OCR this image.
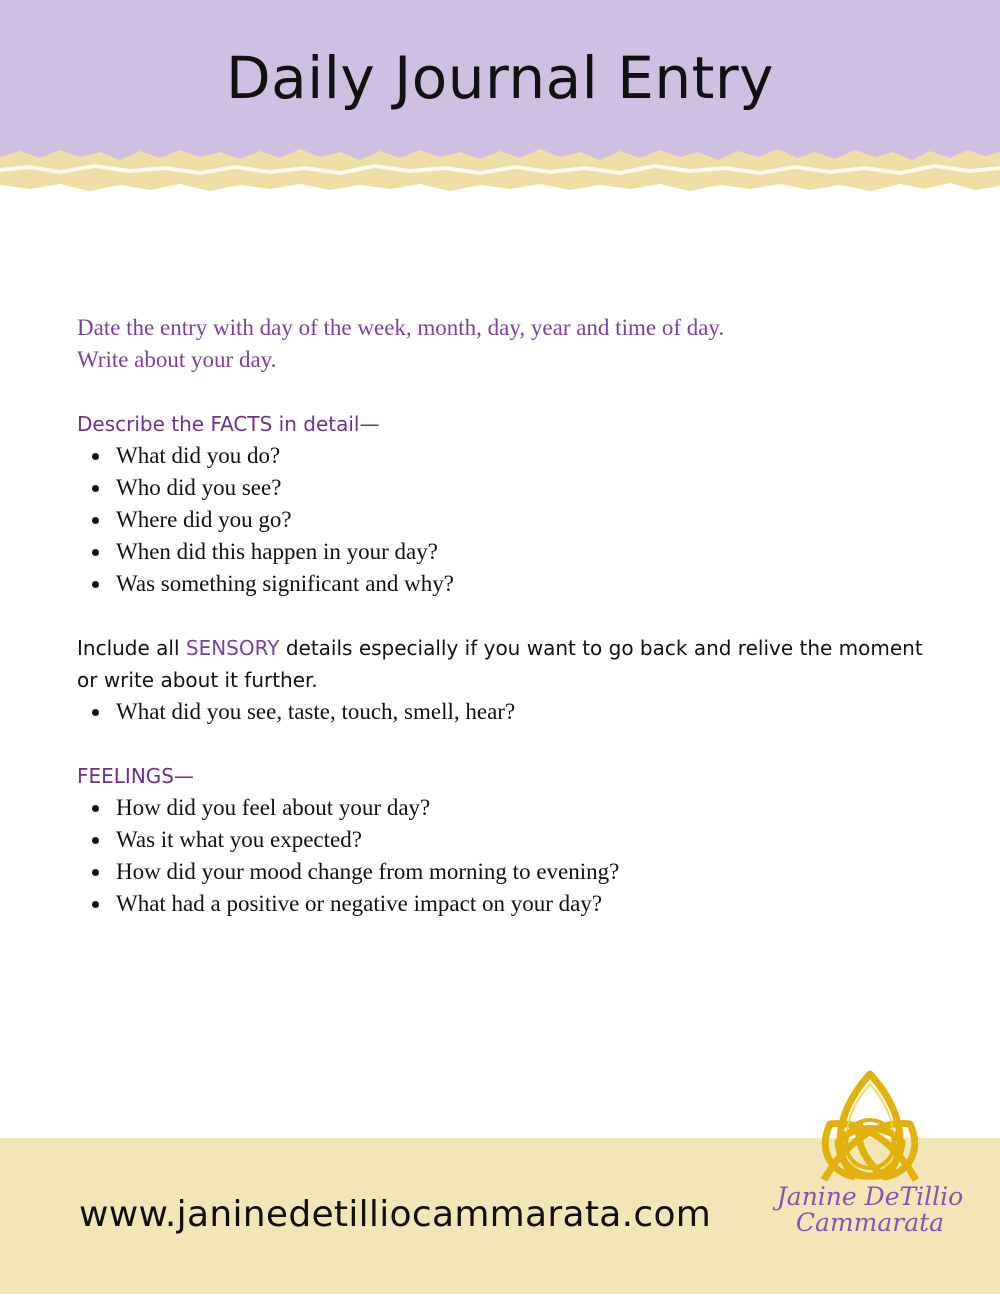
Daily Journal Entry

Date the entry with day of the week, month, day, year and time of day.

Write about your day.

Describe the FACTS in detail—

What did you do?
Who did you see?
Where did you go?
When did this happen in your day?
Was something significant and why?

Include all SENSORY details especially if you want to go back and relive the moment or write about it further.

What did you see, taste, touch, smell, hear?

FEELINGS—

How did you feel about your day?
Was it what you expected?
How did your mood change from morning to evening?
What had a positive or negative impact on your day?
www.janinedetilliocammarata.com	Janine DeTillio
Cammarata
